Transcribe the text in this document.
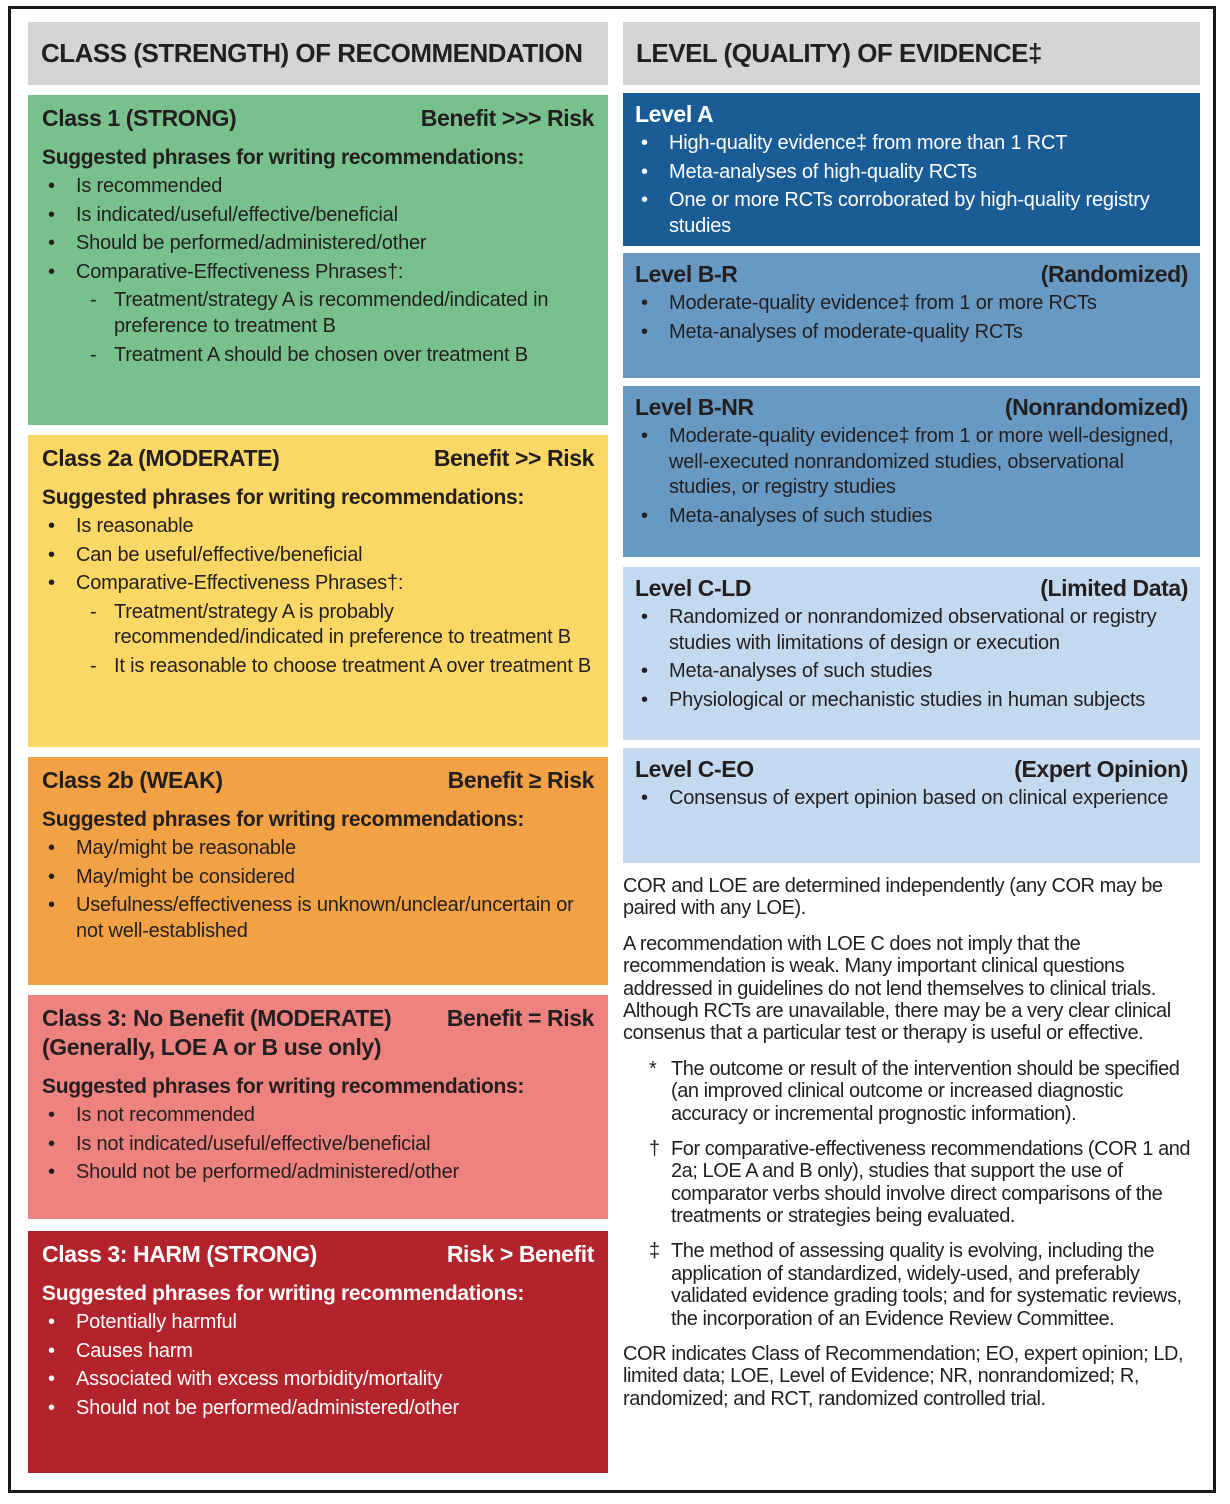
CLASS (STRENGTH) OF RECOMMENDATION
Class 1 (STRONG)	Benefit >>> Risk

Suggested phrases for writing recommendations:

•	Is recommended
•	Is indicated/useful/effective/beneficial
•	Should be performed/administered/other
•	Comparative-Effectiveness Phrases†:
- Treatment/strategy A is recommended/indicated in preference to treatment B
- Treatment A should be chosen over treatment B
Class 2a (MODERATE)	Benefit >> Risk

Suggested phrases for writing recommendations:

•	Is reasonable
•	Can be useful/effective/beneficial
•	Comparative-Effectiveness Phrases†:
- Treatment/strategy A is probably recommended/indicated in preference to treatment B
- It is reasonable to choose treatment A over treatment B
Class 2b (WEAK)	Benefit ≥ Risk

Suggested phrases for writing recommendations:

•	May/might be reasonable
•	May/might be considered
•	Usefulness/effectiveness is unknown/unclear/uncertain or not well-established
Class 3: No Benefit (MODERATE) Benefit = Risk
(Generally, LOE A or B use only)

Suggested phrases for writing recommendations:

•	Is not recommended
•	Is not indicated/useful/effective/beneficial
•	Should not be performed/administered/other
Class 3: HARM (STRONG)	Risk > Benefit

Suggested phrases for writing recommendations:

•	Potentially harmful
•	Causes harm
•	Associated with excess morbidity/mortality
•	Should not be performed/administered/other
LEVEL (QUALITY) OF EVIDENCE‡
Level A
•	High-quality evidence‡ from more than 1 RCT
•	Meta-analyses of high-quality RCTs
•	One or more RCTs corroborated by high-quality registry studies
Level B-R	(Randomized)
•	Moderate-quality evidence‡ from 1 or more RCTs
•	Meta-analyses of moderate-quality RCTs
Level B-NR	(Nonrandomized)
•	Moderate-quality evidence‡ from 1 or more well-designed, well-executed nonrandomized studies, observational studies, or registry studies
•	Meta-analyses of such studies
Level C-LD	(Limited Data)
•	Randomized or nonrandomized observational or registry studies with limitations of design or execution
•	Meta-analyses of such studies
•	Physiological or mechanistic studies in human subjects
Level C-EO	(Expert Opinion)
•	Consensus of expert opinion based on clinical experience

COR and LOE are determined independently (any COR may be paired with any LOE).

A recommendation with LOE C does not imply that the recommendation is weak. Many important clinical questions addressed in guidelines do not lend themselves to clinical trials. Although RCTs are unavailable, there may be a very clear clinical consenus that a particular test or therapy is useful or effective.

* The outcome or result of the intervention should be specified (an improved clinical outcome or increased diagnostic accuracy or incremental prognostic information).
† For comparative-effectiveness recommendations (COR 1 and 2a; LOE A and B only), studies that support the use of comparator verbs should involve direct comparisons of the treatments or strategies being evaluated.
‡ The method of assessing quality is evolving, including the application of standardized, widely-used, and preferably validated evidence grading tools; and for systematic reviews, the incorporation of an Evidence Review Committee.

COR indicates Class of Recommendation; EO, expert opinion; LD, limited data; LOE, Level of Evidence; NR, nonrandomized; R, randomized; and RCT, randomized controlled trial.
